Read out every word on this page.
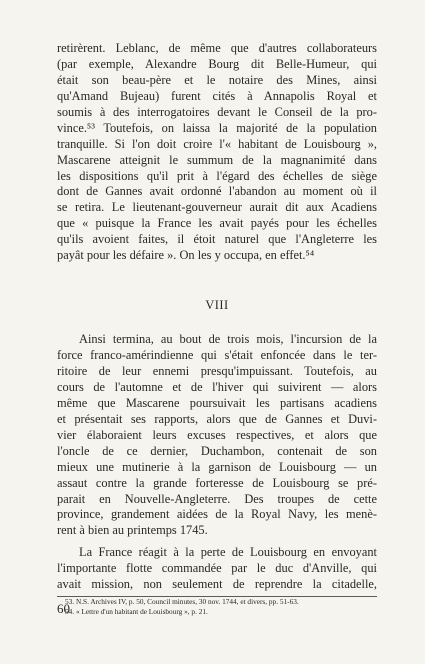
retirèrent. Leblanc, de même que d'autres collaborateurs
(par exemple, Alexandre Bourg dit Belle-Humeur, qui
était son beau-père et le notaire des Mines, ainsi
qu'Amand Bujeau) furent cités à Annapolis Royal et
soumis à des interrogatoires devant le Conseil de la pro-
vince.⁵³ Toutefois, on laissa la majorité de la population
tranquille. Si l'on doit croire l'« habitant de Louisbourg »,
Mascarene atteignit le summum de la magnanimité dans
les dispositions qu'il prit à l'égard des échelles de siège
dont de Gannes avait ordonné l'abandon au moment où il
se retira. Le lieutenant-gouverneur aurait dit aux Acadiens
que « puisque la France les avait payés pour les échelles
qu'ils avoient faites, il étoit naturel que l'Angleterre les
payât pour les défaire ». On les y occupa, en effet.⁵⁴
VIII
Ainsi termina, au bout de trois mois, l'incursion de la
force franco-amérindienne qui s'était enfoncée dans le ter-
ritoire de leur ennemi presqu'impuissant. Toutefois, au
cours de l'automne et de l'hiver qui suivirent — alors
même que Mascarene poursuivait les partisans acadiens
et présentait ses rapports, alors que de Gannes et Duvi-
vier élaboraient leurs excuses respectives, et alors que
l'oncle de ce dernier, Duchambon, contenait de son
mieux une mutinerie à la garnison de Louisbourg — un
assaut contre la grande forteresse de Louisbourg se pré-
parait en Nouvelle-Angleterre. Des troupes de cette
province, grandement aidées de la Royal Navy, les menè-
rent à bien au printemps 1745.
La France réagit à la perte de Louisbourg en envoyant
l'importante flotte commandée par le duc d'Anville, qui
avait mission, non seulement de reprendre la citadelle,
53. N.S. Archives IV, p. 50, Council minutes, 30 nov. 1744, et divers, pp. 51-63.
54. « Lettre d'un habitant de Louisbourg », p. 21.
60
